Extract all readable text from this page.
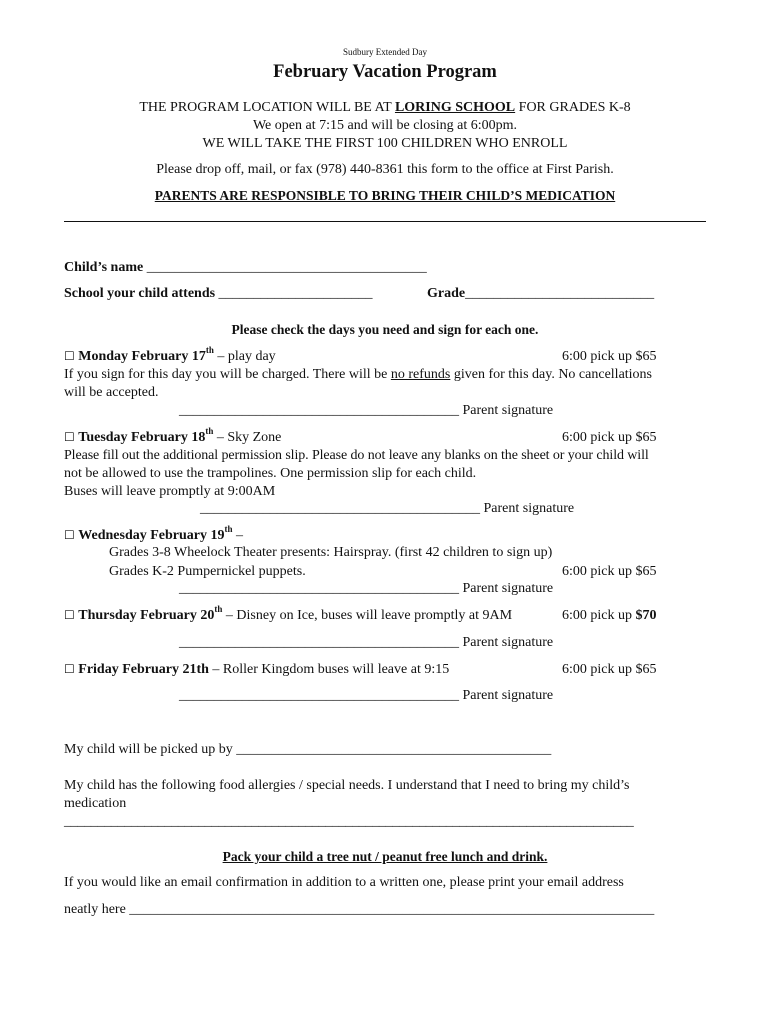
Sudbury Extended Day
February Vacation Program
THE PROGRAM LOCATION WILL BE AT LORING SCHOOL FOR GRADES K-8
We open at 7:15 and will be closing at 6:00pm.
WE WILL TAKE THE FIRST 100 CHILDREN WHO ENROLL
Please drop off, mail, or fax (978) 440-8361 this form to the office at First Parish.
PARENTS ARE RESPONSIBLE TO BRING THEIR CHILD’S MEDICATION
Child’s name ________________________________________
School your child attends ______________________	Grade___________________________
Please check the days you need and sign for each one.
☐ Monday February 17th – play day	6:00 pick up $65
If you sign for this day you will be charged. There will be no refunds given for this day. No cancellations
will be accepted.
________________________________________ Parent signature
☐ Tuesday February 18th – Sky Zone	6:00 pick up $65
Please fill out the additional permission slip. Please do not leave any blanks on the sheet or your child will
not be allowed to use the trampolines. One permission slip for each child.
Buses will leave promptly at 9:00AM
________________________________________ Parent signature
☐ Wednesday February 19th –
Grades 3-8 Wheelock Theater presents: Hairspray. (first 42 children to sign up)
Grades K-2 Pumpernickel puppets.	6:00 pick up $65
________________________________________ Parent signature
☐ Thursday February 20th – Disney on Ice, buses will leave promptly at 9AM	6:00 pick up $70
________________________________________ Parent signature
☐ Friday February 21th – Roller Kingdom buses will leave at 9:15	6:00 pick up $65
________________________________________ Parent signature
My child will be picked up by _____________________________________________
My child has the following food allergies / special needs. I understand that I need to bring my child’s
medication
_____________________________________________________________________________________
Pack your child a tree nut / peanut free lunch and drink.
If you would like an email confirmation in addition to a written one, please print your email address
neatly here ___________________________________________________________________________
